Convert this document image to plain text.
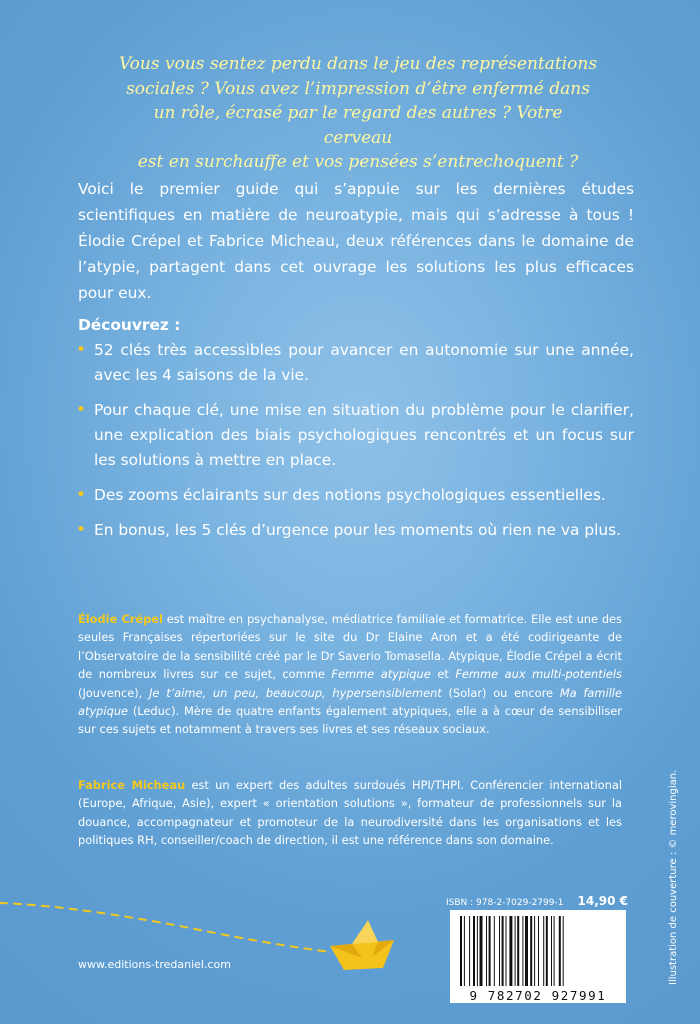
Vous vous sentez perdu dans le jeu des représentations
sociales ? Vous avez l’impression d’être enfermé dans
un rôle, écrasé par le regard des autres ? Votre cerveau
est en surchauffe et vos pensées s’entrechoquent ?
Voici le premier guide qui s’appuie sur les dernières études scientifiques en matière de neuroatypie, mais qui s’adresse à tous ! Élodie Crépel et Fabrice Micheau, deux références dans le domaine de l’atypie, partagent dans cet ouvrage les solutions les plus efficaces pour eux.
Découvrez :
• 52 clés très accessibles pour avancer en autonomie sur une année, avec les 4 saisons de la vie.
• Pour chaque clé, une mise en situation du problème pour le clarifier, une explication des biais psychologiques rencontrés et un focus sur les solutions à mettre en place.
• Des zooms éclairants sur des notions psychologiques essentielles.
• En bonus, les 5 clés d’urgence pour les moments où rien ne va plus.
Élodie Crépel est maître en psychanalyse, médiatrice familiale et formatrice. Elle est une des seules Françaises répertoriées sur le site du Dr Elaine Aron et a été codirigeante de l’Observatoire de la sensibilité créé par le Dr Saverio Tomasella. Atypique, Élodie Crépel a écrit de nombreux livres sur ce sujet, comme Femme atypique et Femme aux multi-potentiels (Jouvence), Je t’aime, un peu, beaucoup, hypersensiblement (Solar) ou encore Ma famille atypique (Leduc). Mère de quatre enfants également atypiques, elle a à cœur de sensibiliser sur ces sujets et notamment à travers ses livres et ses réseaux sociaux.
Fabrice Micheau est un expert des adultes surdoués HPI/THPI. Conférencier international (Europe, Afrique, Asie), expert « orientation solutions », formateur de professionnels sur la douance, accompagnateur et promoteur de la neurodiversité dans les organisations et les politiques RH, conseiller/coach de direction, il est une référence dans son domaine.	Illustration de couverture : © merovingian.
www.editions-tredaniel.com
ISBN : 978-2-7029-2799-1 14,90 €
9 782702 927991
